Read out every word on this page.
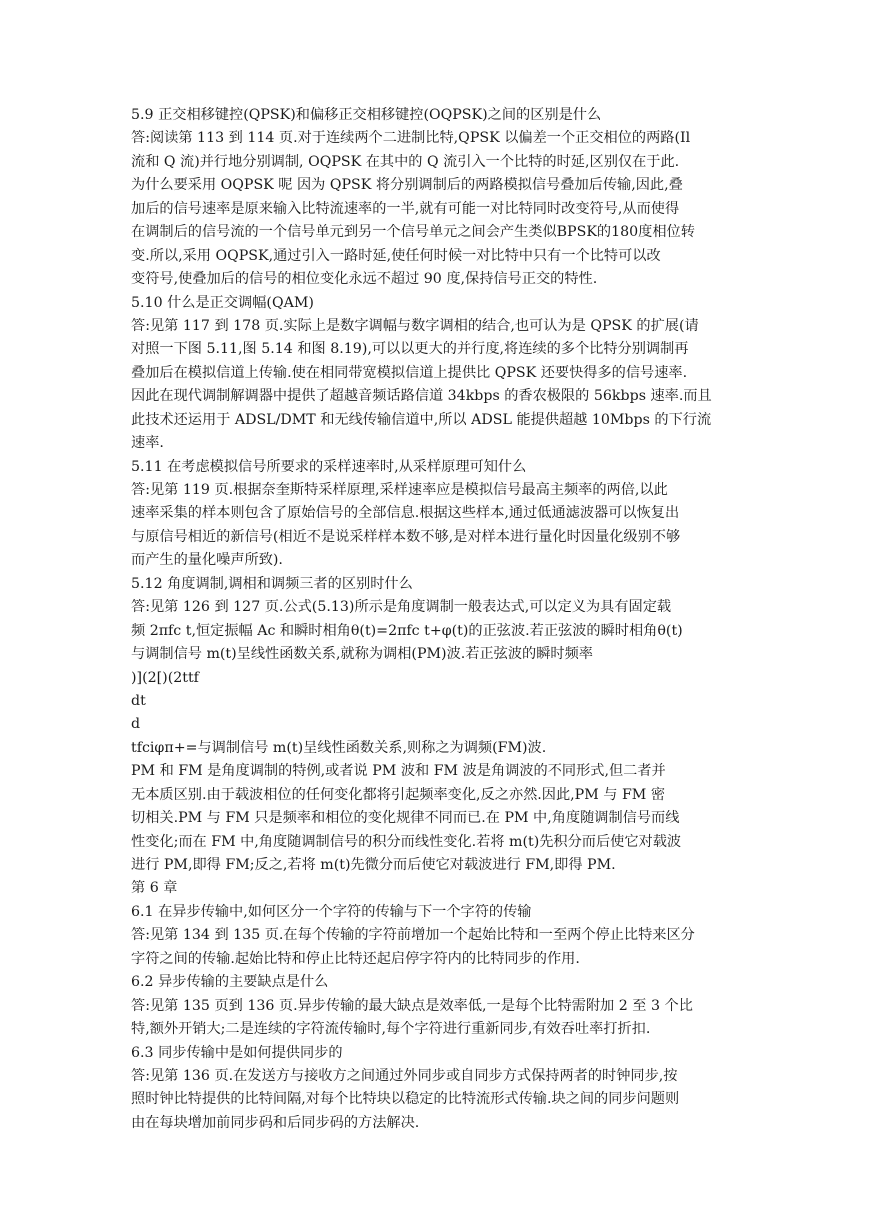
5.9 正交相移键控(QPSK)和偏移正交相移键控(OQPSK)之间的区别是什么
答:阅读第 113 到 114 页.对于连续两个二进制比特,QPSK 以偏差一个正交相位的两路(Il
流和 Q 流)并行地分别调制, OQPSK 在其中的 Q 流引入一个比特的时延,区别仅在于此.
为什么要采用 OQPSK 呢 因为 QPSK 将分别调制后的两路模拟信号叠加后传输,因此,叠
加后的信号速率是原来输入比特流速率的一半,就有可能一对比特同时改变符号,从而使得
在调制后的信号流的一个信号单元到另一个信号单元之间会产生类似BPSK的180度相位转
变.所以,采用 OQPSK,通过引入一路时延,使任何时候一对比特中只有一个比特可以改
变符号,使叠加后的信号的相位变化永远不超过 90 度,保持信号正交的特性.
5.10 什么是正交调幅(QAM)
答:见第 117 到 178 页.实际上是数字调幅与数字调相的结合,也可认为是 QPSK 的扩展(请
对照一下图 5.11,图 5.14 和图 8.19),可以以更大的并行度,将连续的多个比特分别调制再
叠加后在模拟信道上传输.使在相同带宽模拟信道上提供比 QPSK 还要快得多的信号速率.
因此在现代调制解调器中提供了超越音频话路信道 34kbps 的香农极限的 56kbps 速率.而且
此技术还运用于 ADSL/DMT 和无线传输信道中,所以 ADSL 能提供超越 10Mbps 的下行流
速率.
5.11 在考虑模拟信号所要求的采样速率时,从采样原理可知什么
答:见第 119 页.根据奈奎斯特采样原理,采样速率应是模拟信号最高主频率的两倍,以此
速率采集的样本则包含了原始信号的全部信息.根据这些样本,通过低通滤波器可以恢复出
与原信号相近的新信号(相近不是说采样样本数不够,是对样本进行量化时因量化级别不够
而产生的量化噪声所致).
5.12 角度调制,调相和调频三者的区别时什么
答:见第 126 到 127 页.公式(5.13)所示是角度调制一般表达式,可以定义为具有固定载
频 2πfc t,恒定振幅 Ac 和瞬时相角θ(t)=2πfc t+φ(t)的正弦波.若正弦波的瞬时相角θ(t)
与调制信号 m(t)呈线性函数关系,就称为调相(PM)波.若正弦波的瞬时频率
)](2[)(2ttf
dt
d
tfciφπ+=与调制信号 m(t)呈线性函数关系,则称之为调频(FM)波.
PM 和 FM 是角度调制的特例,或者说 PM 波和 FM 波是角调波的不同形式,但二者并
无本质区别.由于载波相位的任何变化都将引起频率变化,反之亦然.因此,PM 与 FM 密
切相关.PM 与 FM 只是频率和相位的变化规律不同而已.在 PM 中,角度随调制信号而线
性变化;而在 FM 中,角度随调制信号的积分而线性变化.若将 m(t)先积分而后使它对载波
进行 PM,即得 FM;反之,若将 m(t)先微分而后使它对载波进行 FM,即得 PM.
第 6 章
6.1 在异步传输中,如何区分一个字符的传输与下一个字符的传输
答:见第 134 到 135 页.在每个传输的字符前增加一个起始比特和一至两个停止比特来区分
字符之间的传输.起始比特和停止比特还起启停字符内的比特同步的作用.
6.2 异步传输的主要缺点是什么
答:见第 135 页到 136 页.异步传输的最大缺点是效率低,一是每个比特需附加 2 至 3 个比
特,额外开销大;二是连续的字符流传输时,每个字符进行重新同步,有效吞吐率打折扣.
6.3 同步传输中是如何提供同步的
答:见第 136 页.在发送方与接收方之间通过外同步或自同步方式保持两者的时钟同步,按
照时钟比特提供的比特间隔,对每个比特块以稳定的比特流形式传输.块之间的同步问题则
由在每块增加前同步码和后同步码的方法解决.
